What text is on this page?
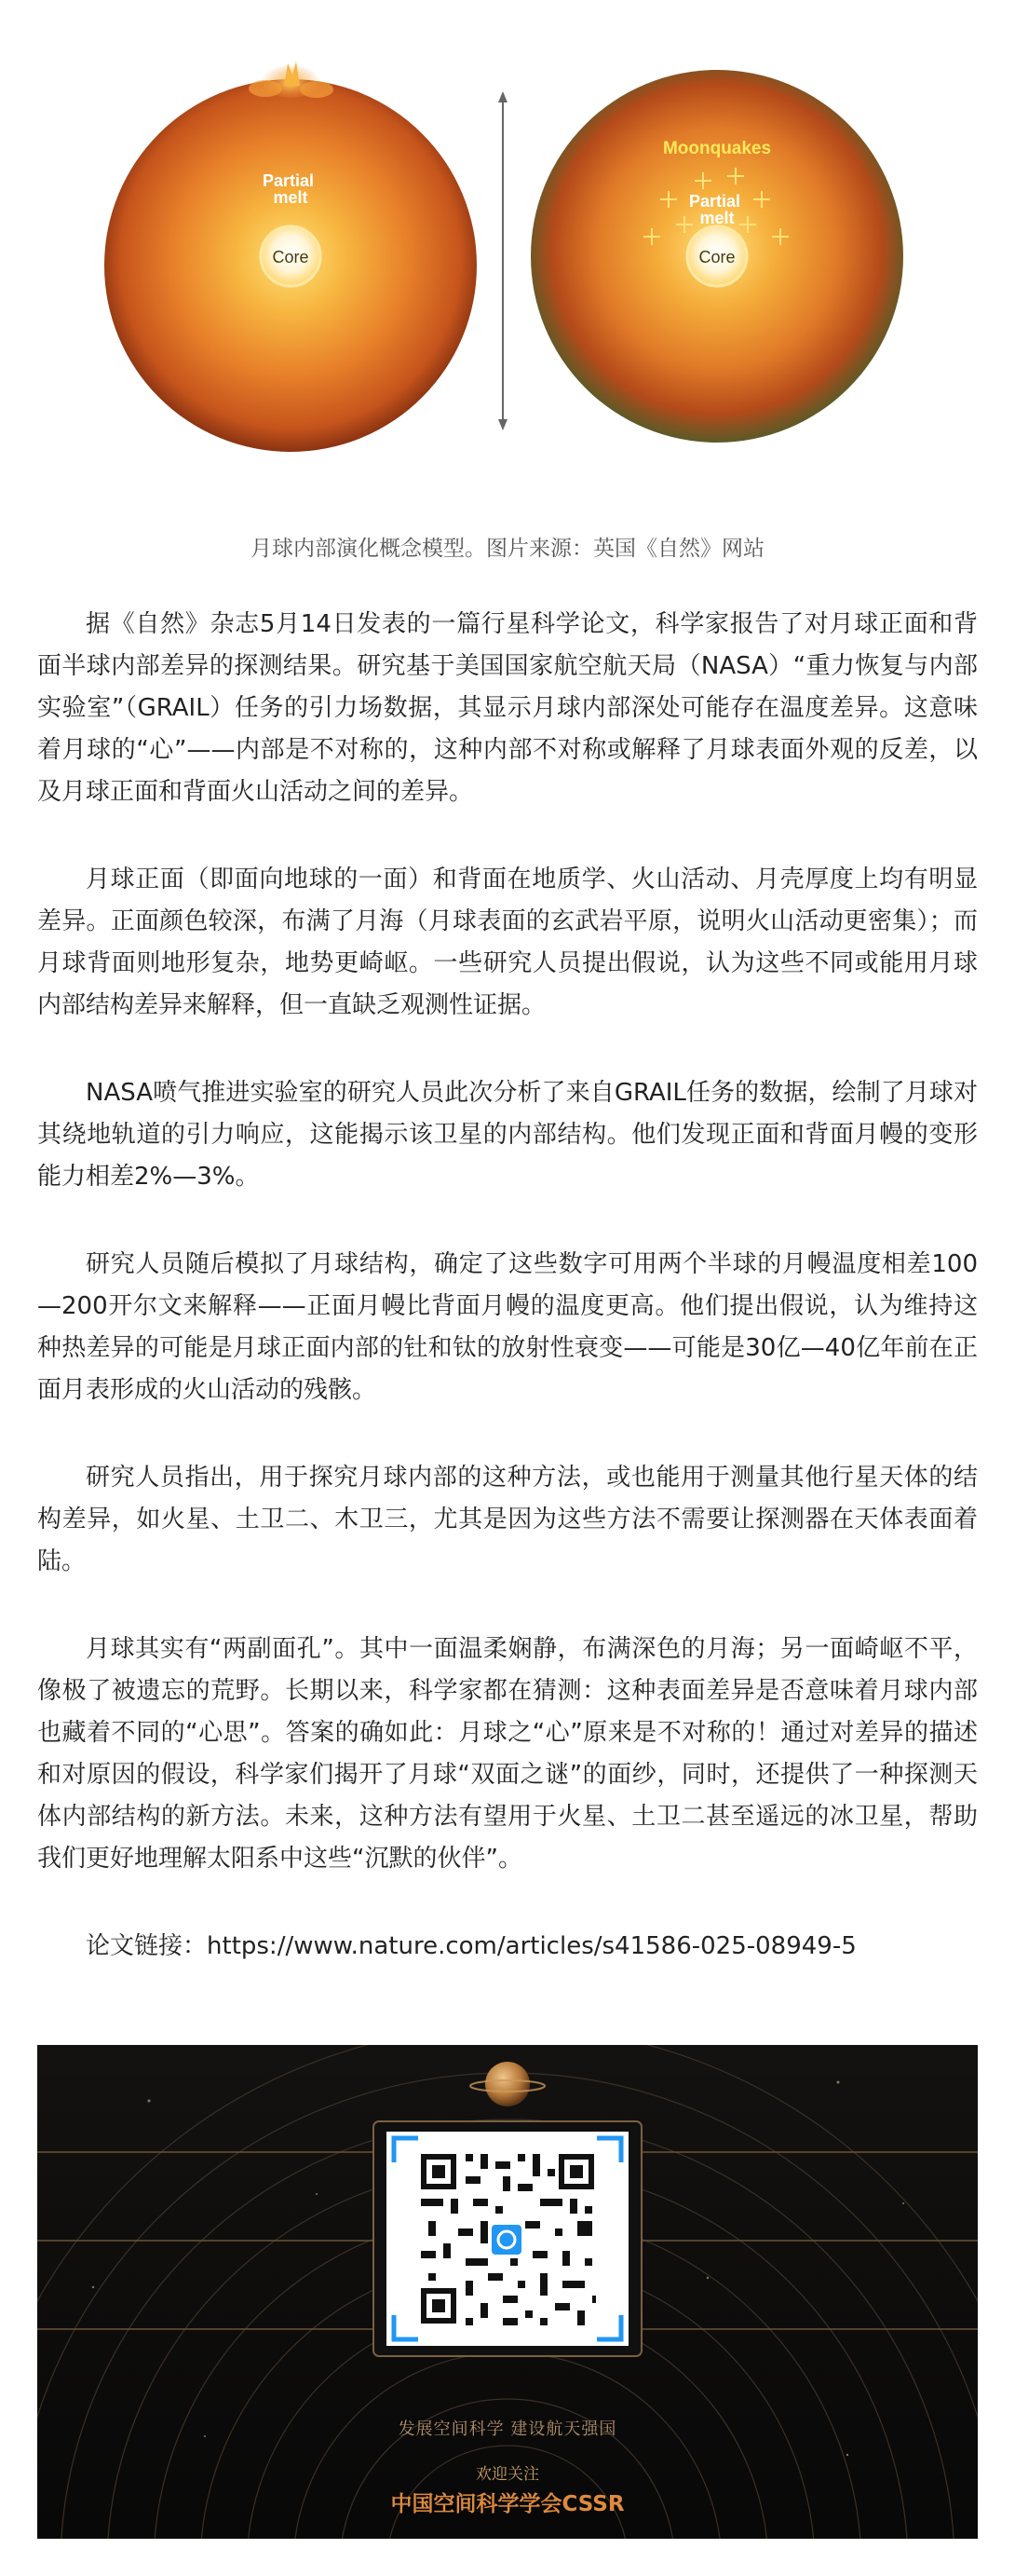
Partial melt
Core
Moonquakes
Partial melt
Core
月球内部演化概念模型。图片来源：英国《自然》网站

据《自然》杂志5月14日发表的一篇行星科学论文，科学家报告了对月球正面和背面半球内部差异的探测结果。研究基于美国国家航空航天局（NASA）“重力恢复与内部实验室”（GRAIL）任务的引力场数据，其显示月球内部深处可能存在温度差异。这意味着月球的“心”——内部是不对称的，这种内部不对称或解释了月球表面外观的反差，以及月球正面和背面火山活动之间的差异。

月球正面（即面向地球的一面）和背面在地质学、火山活动、月壳厚度上均有明显差异。正面颜色较深，布满了月海（月球表面的玄武岩平原，说明火山活动更密集）；而月球背面则地形复杂，地势更崎岖。一些研究人员提出假说，认为这些不同或能用月球内部结构差异来解释，但一直缺乏观测性证据。

NASA喷气推进实验室的研究人员此次分析了来自GRAIL任务的数据，绘制了月球对其绕地轨道的引力响应，这能揭示该卫星的内部结构。他们发现正面和背面月幔的变形能力相差2%—3%。

研究人员随后模拟了月球结构，确定了这些数字可用两个半球的月幔温度相差100—200开尔文来解释——正面月幔比背面月幔的温度更高。他们提出假说，认为维持这种热差异的可能是月球正面内部的钍和钛的放射性衰变——可能是30亿—40亿年前在正面月表形成的火山活动的残骸。

研究人员指出，用于探究月球内部的这种方法，或也能用于测量其他行星天体的结构差异，如火星、土卫二、木卫三，尤其是因为这些方法不需要让探测器在天体表面着陆。

月球其实有“两副面孔”。其中一面温柔娴静，布满深色的月海；另一面崎岖不平，像极了被遗忘的荒野。长期以来，科学家都在猜测：这种表面差异是否意味着月球内部也藏着不同的“心思”。答案的确如此：月球之“心”原来是不对称的！通过对差异的描述和对原因的假设，科学家们揭开了月球“双面之谜”的面纱，同时，还提供了一种探测天体内部结构的新方法。未来，这种方法有望用于火星、土卫二甚至遥远的冰卫星，帮助我们更好地理解太阳系中这些“沉默的伙伴”。

论文链接：https://www.nature.com/articles/s41586-025-08949-5

发展空间科学 建设航天强国
欢迎关注
中国空间科学学会CSSR
